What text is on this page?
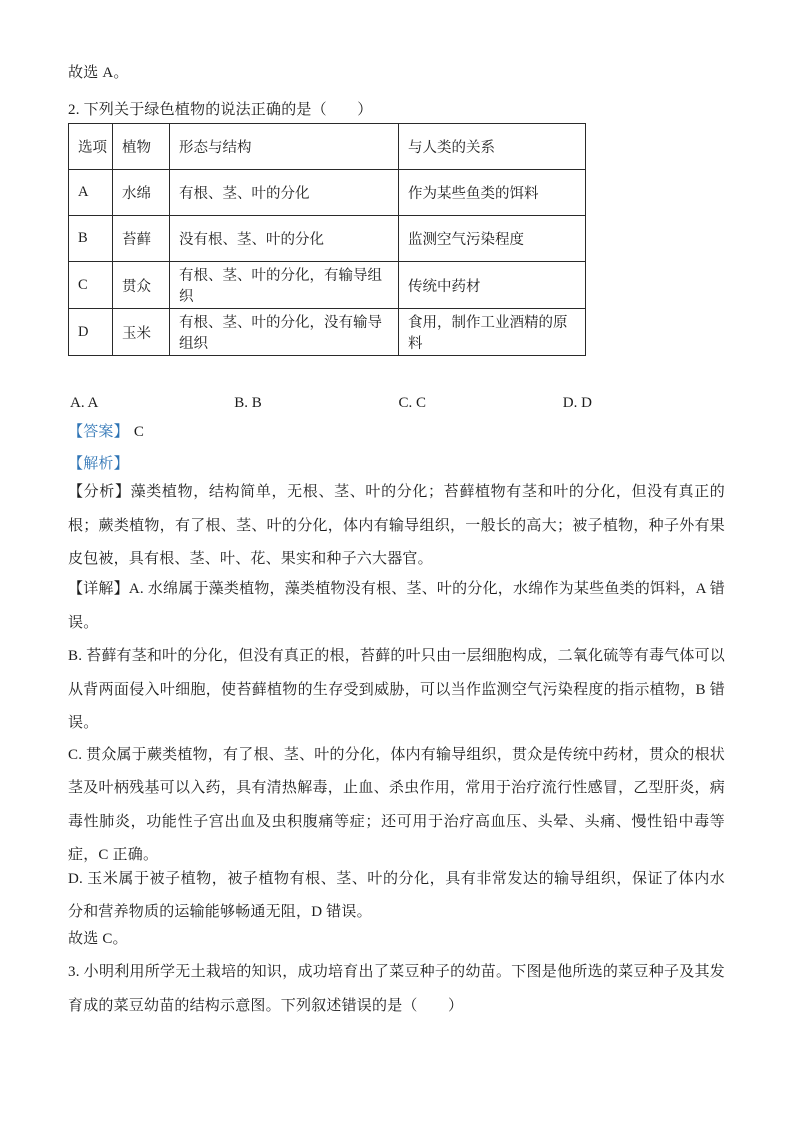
故选 A。

2. 下列关于绿色植物的说法正确的是（　　）

选项	植物	形态与结构	与人类的关系
A	水绵	有根、茎、叶的分化	作为某些鱼类的饵料
B	苔藓	没有根、茎、叶的分化	监测空气污染程度
C	贯众	有根、茎、叶的分化，有输导组织	传统中药材
D	玉米	有根、茎、叶的分化，没有输导组织	食用，制作工业酒精的原料
A. A	B. B	C. C	D. D

【答案】 C

【解析】

【分析】藻类植物，结构简单，无根、茎、叶的分化；苔藓植物有茎和叶的分化，但没有真正的根；蕨类植物，有了根、茎、叶的分化，体内有输导组织，一般长的高大；被子植物，种子外有果皮包被，具有根、茎、叶、花、果实和种子六大器官。

【详解】A. 水绵属于藻类植物，藻类植物没有根、茎、叶的分化，水绵作为某些鱼类的饵料，A 错误。

B. 苔藓有茎和叶的分化，但没有真正的根，苔藓的叶只由一层细胞构成，二氧化硫等有毒气体可以从背两面侵入叶细胞，使苔藓植物的生存受到威胁，可以当作监测空气污染程度的指示植物，B 错误。

C. 贯众属于蕨类植物，有了根、茎、叶的分化，体内有输导组织，贯众是传统中药材，贯众的根状茎及叶柄残基可以入药，具有清热解毒，止血、杀虫作用，常用于治疗流行性感冒，乙型肝炎，病毒性肺炎，功能性子宫出血及虫积腹痛等症；还可用于治疗高血压、头晕、头痛、慢性铅中毒等症，C 正确。

D. 玉米属于被子植物，被子植物有根、茎、叶的分化，具有非常发达的输导组织，保证了体内水分和营养物质的运输能够畅通无阻，D 错误。

故选 C。

3. 小明利用所学无土栽培的知识，成功培育出了菜豆种子的幼苗。下图是他所选的菜豆种子及其发育成的菜豆幼苗的结构示意图。下列叙述错误的是（　　）
